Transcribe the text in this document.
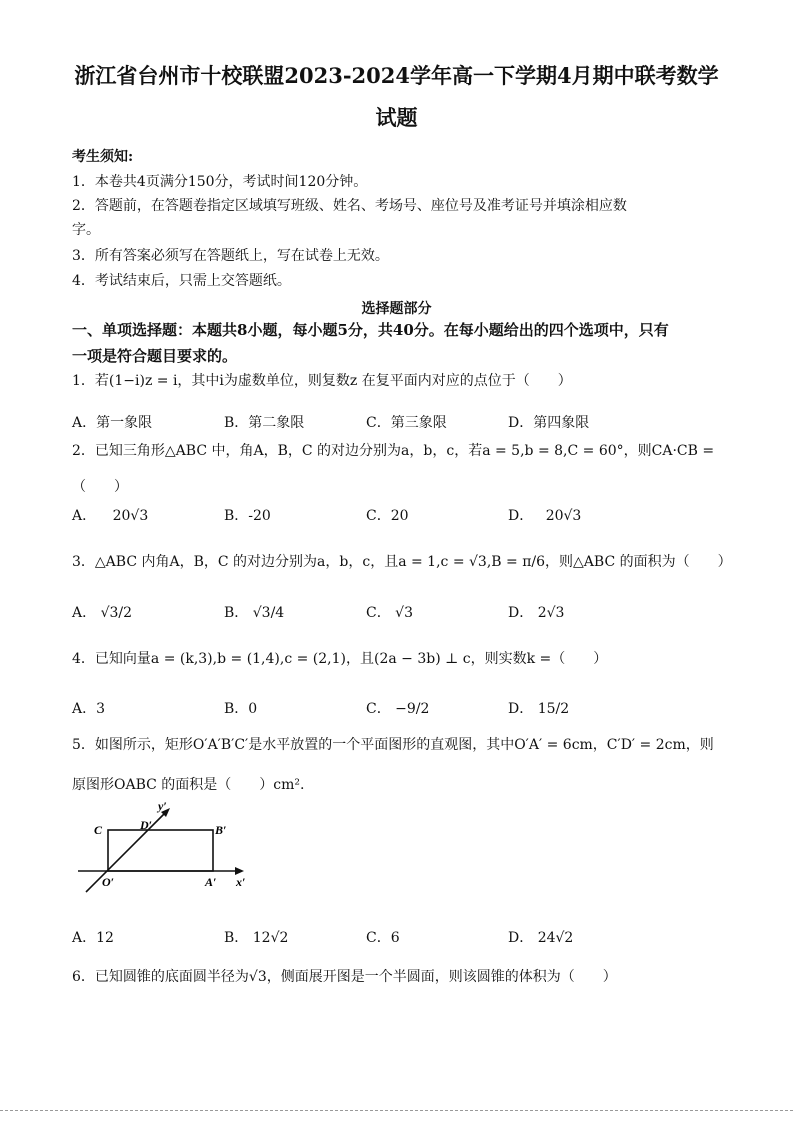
浙江省台州市十校联盟2023-2024学年高一下学期4月期中联考数学
试题
考生须知:
1．本卷共4页满分150分，考试时间120分钟。
2．答题前，在答题卷指定区域填写班级、姓名、考场号、座位号及准考证号并填涂相应数
字。
3．所有答案必须写在答题纸上，写在试卷上无效。
4．考试结束后，只需上交答题纸。
选择题部分
一、单项选择题：本题共8小题，每小题5分，共40分。在每小题给出的四个选项中，只有
一项是符合题目要求的。
1．若(1−i)z = i，其中i为虚数单位，则复数z 在复平面内对应的点位于（　　）
A．第一象限	B．第二象限	C．第三象限	D．第四象限
2．已知三角形△ABC 中，角A，B，C 的对边分别为a，b，c，若a = 5,b = 8,C = 60°，则CA·CB =
（　　）
A． 20√3	B．-20	C．20	D． 20√3
3．△ABC 内角A，B，C 的对边分别为a，b，c，且a = 1,c = √3,B = π/6，则△ABC 的面积为（　　）
A． √3/2	B． √3/4	C． √3	D． 2√3
4．已知向量a = (k,3),b = (1,4),c = (2,1)，且(2a − 3b) ⊥ c，则实数k =（　　）
A．3	B．0	C． −9/2	D． 15/2
5．如图所示，矩形O′A′B′C′是水平放置的一个平面图形的直观图，其中O′A′ = 6cm，C′D′ = 2cm，则
原图形OABC 的面积是（　　）cm².
C	D′	B′
y′
O′	A′ x′
A．12	B． 12√2	C．6	D． 24√2
6．已知圆锥的底面圆半径为√3，侧面展开图是一个半圆面，则该圆锥的体积为（　　）
